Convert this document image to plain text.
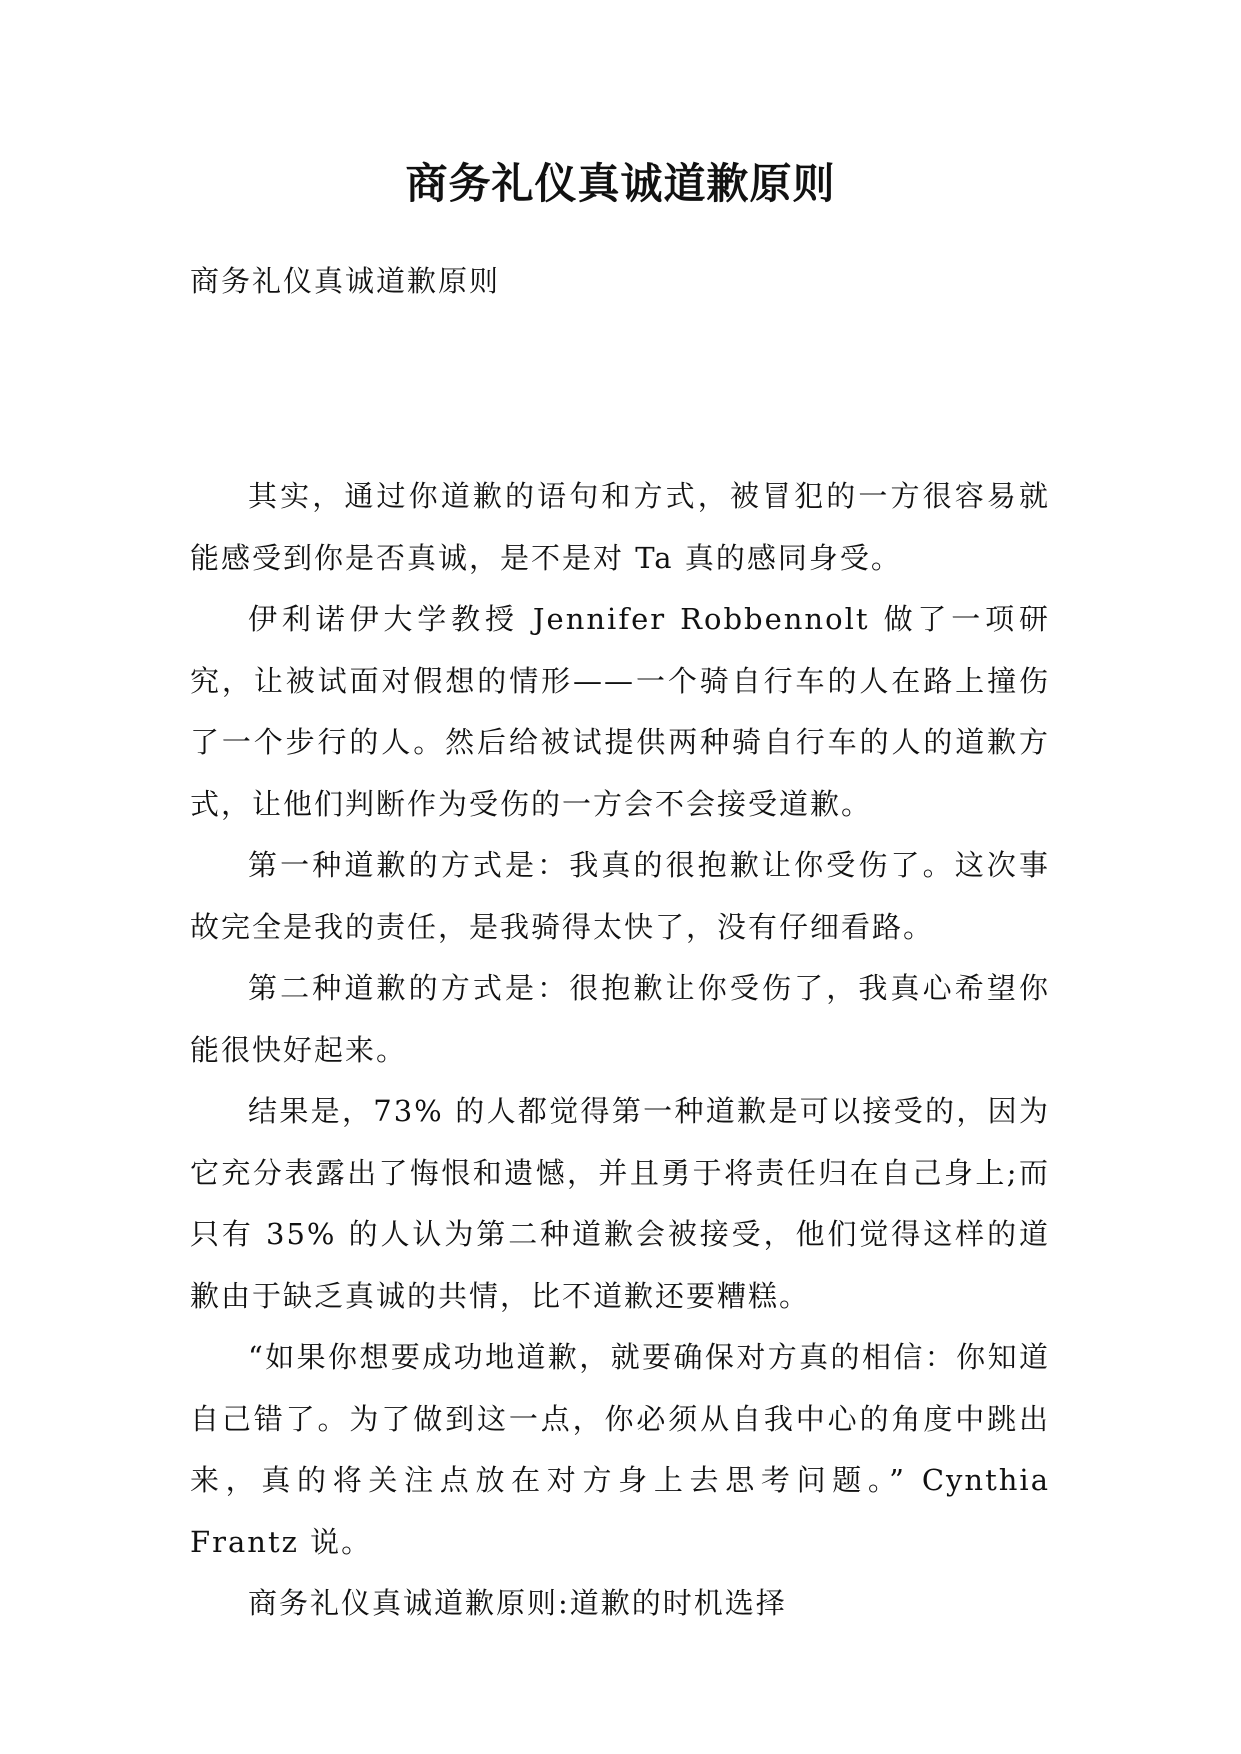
商务礼仪真诚道歉原则

商务礼仪真诚道歉原则

其实，通过你道歉的语句和方式，被冒犯的一方很容易就能感受到你是否真诚，是不是对 Ta 真的感同身受。

伊利诺伊大学教授 Jennifer Robbennolt 做了一项研究，让被试面对假想的情形——一个骑自行车的人在路上撞伤了一个步行的人。然后给被试提供两种骑自行车的人的道歉方式，让他们判断作为受伤的一方会不会接受道歉。

第一种道歉的方式是：我真的很抱歉让你受伤了。这次事故完全是我的责任，是我骑得太快了，没有仔细看路。

第二种道歉的方式是：很抱歉让你受伤了，我真心希望你能很快好起来。

结果是，73% 的人都觉得第一种道歉是可以接受的，因为它充分表露出了悔恨和遗憾，并且勇于将责任归在自己身上;而只有 35% 的人认为第二种道歉会被接受，他们觉得这样的道歉由于缺乏真诚的共情，比不道歉还要糟糕。

“如果你想要成功地道歉，就要确保对方真的相信：你知道自己错了。为了做到这一点，你必须从自我中心的角度中跳出来，真的将关注点放在对方身上去思考问题。” Cynthia Frantz 说。

商务礼仪真诚道歉原则:道歉的时机选择
